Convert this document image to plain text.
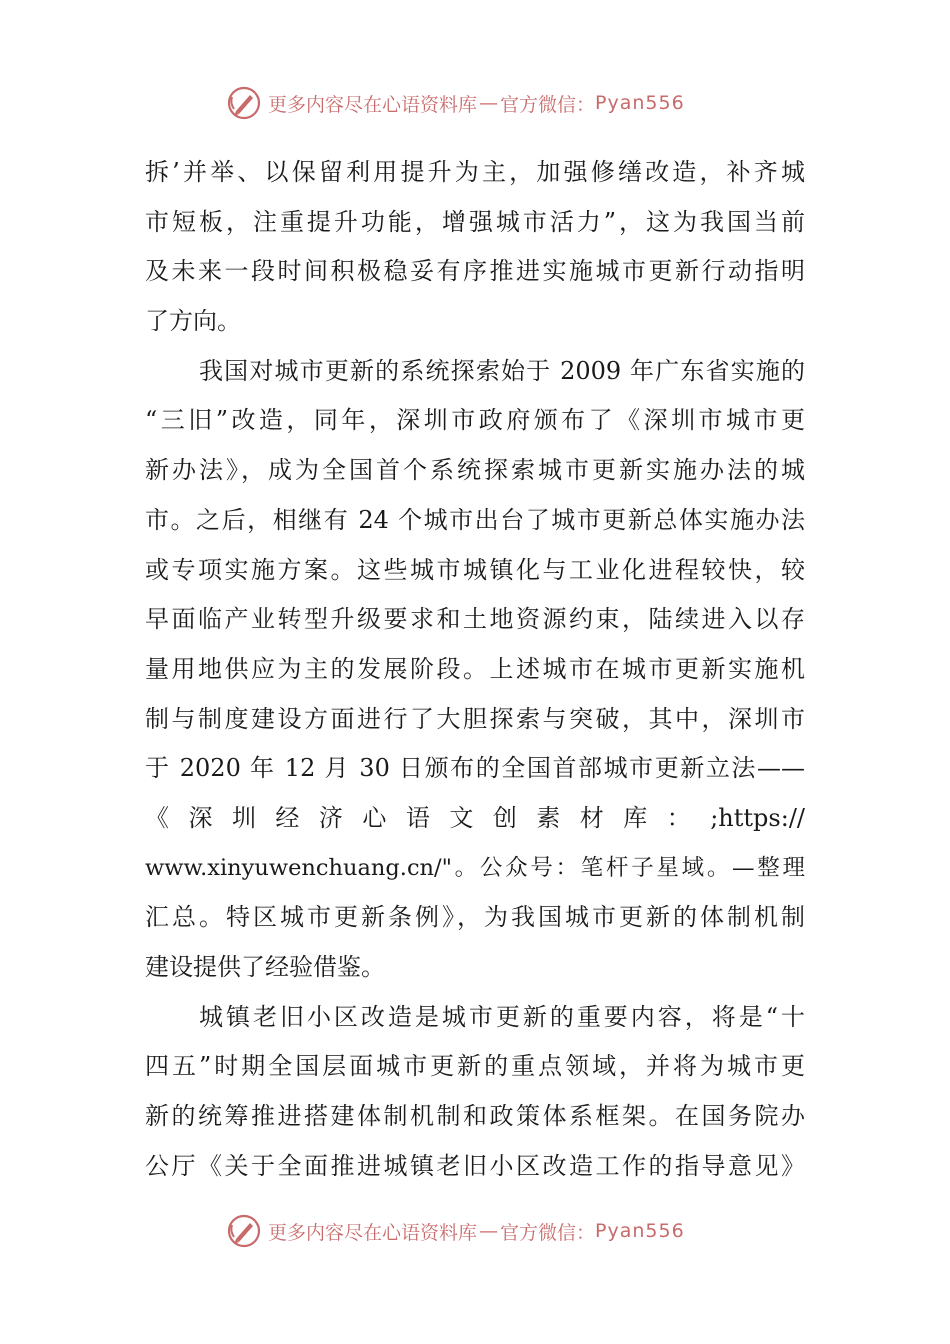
更多内容尽在心语资料库 — 官方微信： Pyan556
拆’并举、以保留利用提升为主，加强修缮改造，补齐城
市短板，注重提升功能，增强城市活力”，这为我国当前
及未来一段时间积极稳妥有序推进实施城市更新行动指明
了方向。
我国对城市更新的系统探索始于 2009 年广东省实施的
“三旧”改造，同年，深圳市政府颁布了《深圳市城市更
新办法》，成为全国首个系统探索城市更新实施办法的城
市。之后，相继有 24 个城市出台了城市更新总体实施办法
或专项实施方案。这些城市城镇化与工业化进程较快，较
早面临产业转型升级要求和土地资源约束，陆续进入以存
量用地供应为主的发展阶段。上述城市在城市更新实施机
制与制度建设方面进行了大胆探索与突破，其中，深圳市
于 2020 年 12 月 30 日颁布的全国首部城市更新立法——
《深圳经济心语文创素材库：;https://
www.xinyuwenchuang.cn/"。公众号：笔杆子星域。—整理
汇总。特区城市更新条例》，为我国城市更新的体制机制
建设提供了经验借鉴。
城镇老旧小区改造是城市更新的重要内容，将是“十
四五”时期全国层面城市更新的重点领域，并将为城市更
新的统筹推进搭建体制机制和政策体系框架。在国务院办
公厅《关于全面推进城镇老旧小区改造工作的指导意见》
更多内容尽在心语资料库 — 官方微信： Pyan556
